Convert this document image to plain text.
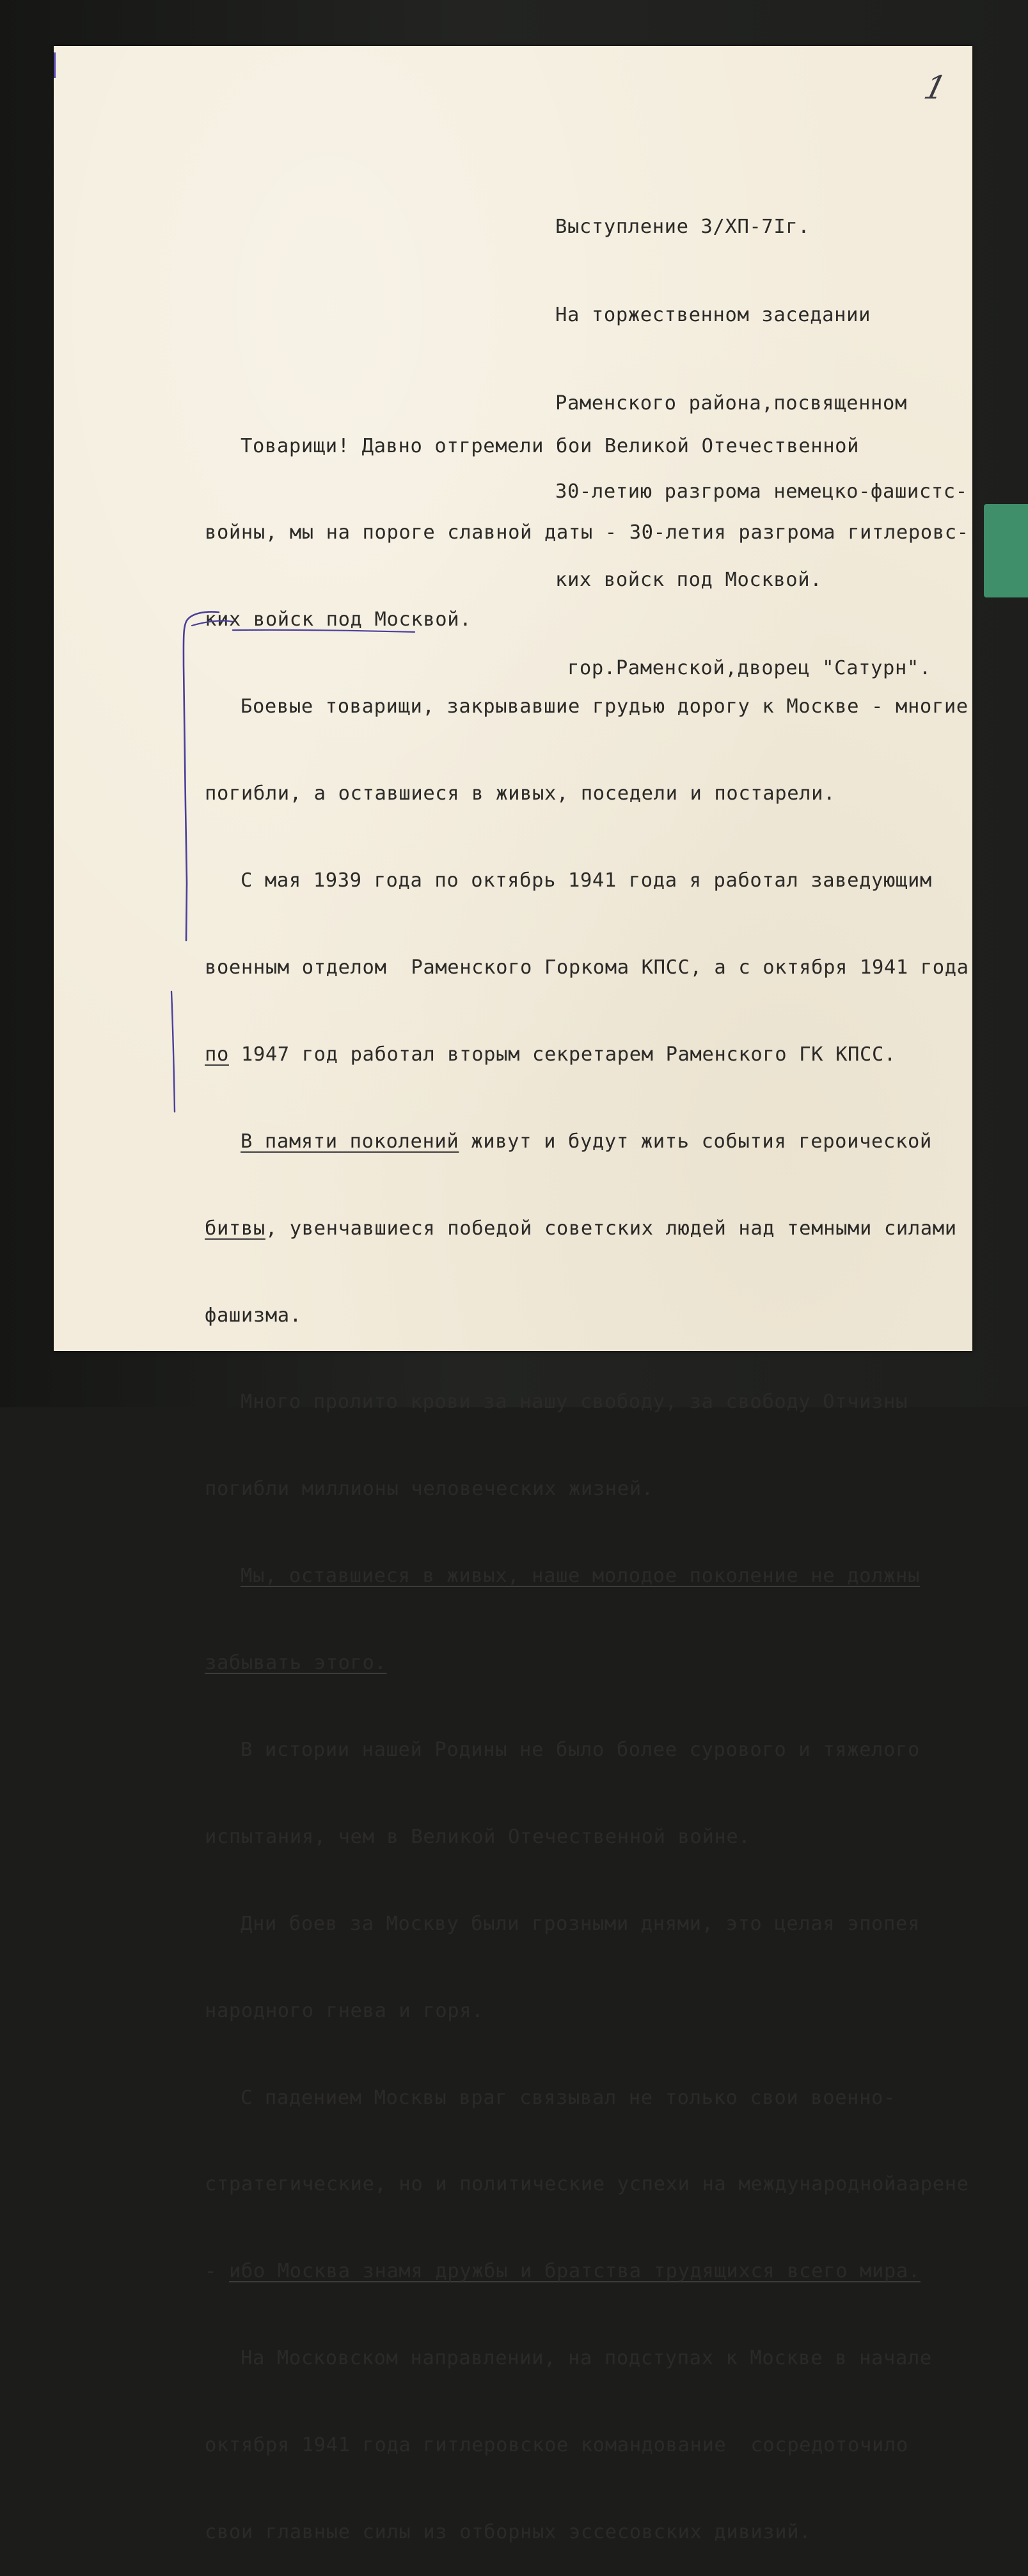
1

Выступление 3/XП-7Iг.

На торжественном заседании

Раменского района,посвященном

30-летию разгрома немецко-фашистс-

ких войск под Москвой.

гор.Раменской,дворец "Сатурн".

Товарищи! Давно отгремели бои Великой Отечественной

войны, мы на пороге славной даты - 30-летия разгрома гитлеровс-

ких войск под Москвой.

Боевые товарищи, закрывавшие грудью дорогу к Москве - многие

погибли, а оставшиеся в живых, поседели и постарели.

С мая 1939 года по октябрь 1941 года я работал заведующим

военным отделом  Раменского Горкома КПСС, а с октября 1941 года

по 1947 год работал вторым секретарем Раменского ГК КПСС.

В памяти поколений живут и будут жить события героической

битвы, увенчавшиеся победой советских людей над темными силами

фашизма.

Много пролито крови за нашу свободу, за свободу Отчизны

погибли миллионы человеческих жизней.

Мы, оставшиеся в живых, наше молодое поколение не должны

забывать этого.

В истории нашей Родины не было более сурового и тяжелого

испытания, чем в Великой Отечественной войне.

Дни боев за Москву были грозными днями, это целая эпопея

народного гнева и горя.

С падением Москвы враг связывал не только свои военно-

стратегические, но и политические успехи на международнойаарене

- ибо Москва знамя дружбы и братства трудящихся всего мира.

На Московском направлении, на подступах к Москве в начале

октября 1941 года гитлеровское командование  сосредоточило

свои главные силы из отборных эссесовских дивизий.
